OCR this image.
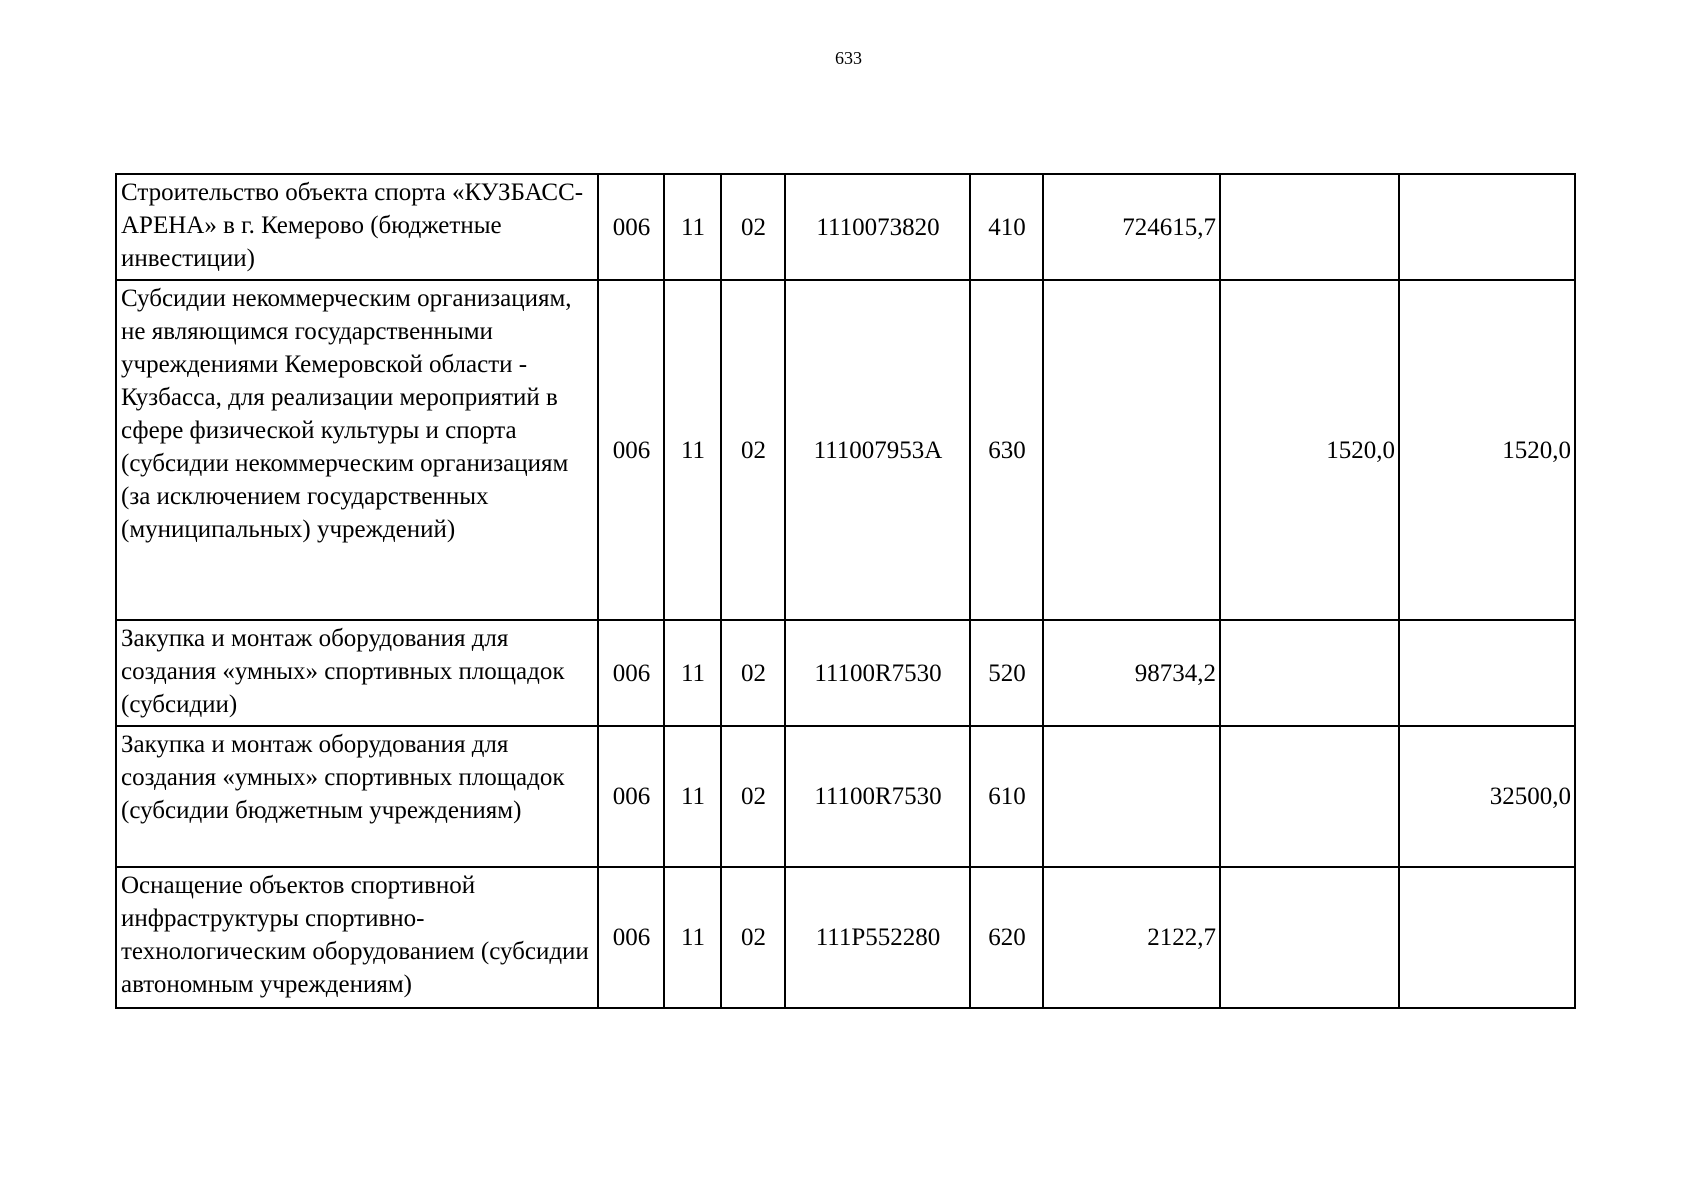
633
Строительство объекта спорта «КУЗБАСС-АРЕНА» в г. Кемерово (бюджетные инвестиции)	006	11	02	1110073820	410	724615,7		
Субсидии некоммерческим организациям, не являющимся государственными учреждениями Кемеровской области - Кузбасса, для реализации мероприятий в сфере физической культуры и спорта (субсидии некоммерческим организациям (за исключением государственных (муниципальных) учреждений)	006	11	02	111007953А	630		1520,0	1520,0
Закупка и монтаж оборудования для создания «умных» спортивных площадок (субсидии)	006	11	02	11100R7530	520	98734,2		
Закупка и монтаж оборудования для создания «умных» спортивных площадок (субсидии бюджетным учреждениям)	006	11	02	11100R7530	610			32500,0
Оснащение объектов спортивной инфраструктуры спортивно-технологическим оборудованием (субсидии автономным учреждениям)	006	11	02	111P552280	620	2122,7		
